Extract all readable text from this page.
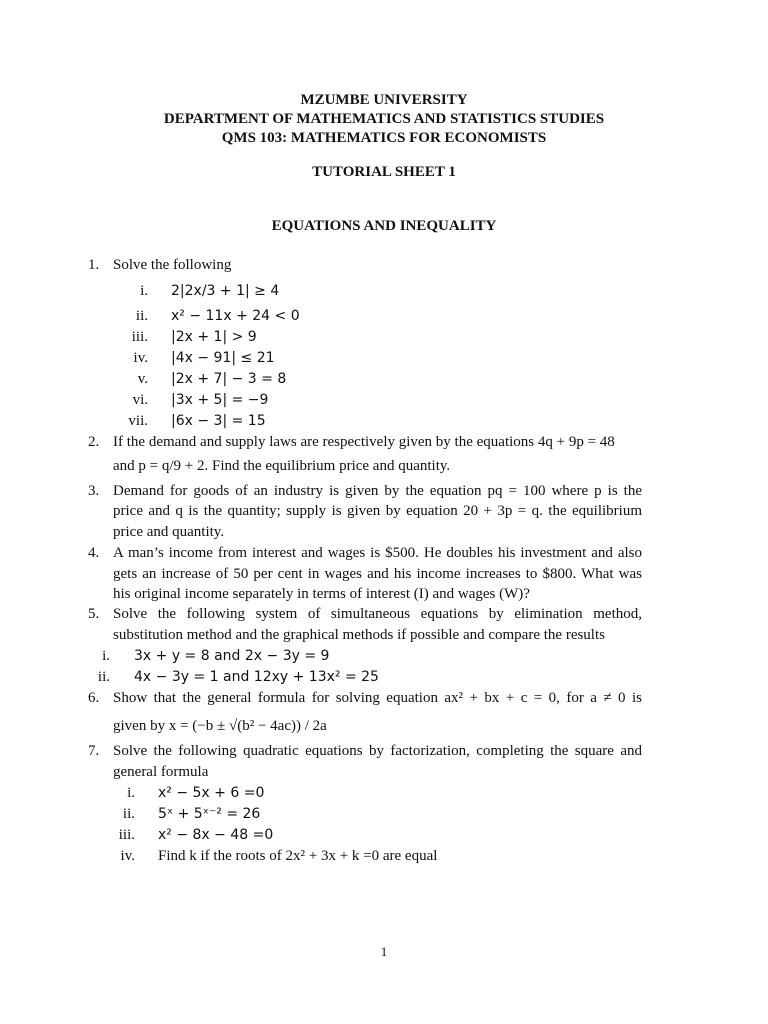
MZUMBE UNIVERSITY
DEPARTMENT OF MATHEMATICS AND STATISTICS STUDIES
QMS 103: MATHEMATICS FOR ECONOMISTS
TUTORIAL SHEET 1
EQUATIONS AND INEQUALITY
1. Solve the following
i. 2|2x/3 + 1| ≥ 4
ii. x² − 11x + 24 < 0
iii. |2x + 1| > 9
iv. |4x − 91| ≤ 21
v. |2x + 7| − 3 = 8
vi. |3x + 5| = −9
vii. |6x − 3| = 15
2. If the demand and supply laws are respectively given by the equations 4q + 9p = 48
and p = q/9 + 2. Find the equilibrium price and quantity.
3. Demand for goods of an industry is given by the equation pq = 100 where p is the
price and q is the quantity; supply is given by equation 20 + 3p = q. the equilibrium
price and quantity.
4. A man’s income from interest and wages is $500. He doubles his investment and also
gets an increase of 50 per cent in wages and his income increases to $800. What was
his original income separately in terms of interest (I) and wages (W)?
5. Solve the following system of simultaneous equations by elimination method,
substitution method and the graphical methods if possible and compare the results
i. 3x + y = 8 and 2x − 3y = 9
ii. 4x − 3y = 1 and 12xy + 13x² = 25
6. Show that the general formula for solving equation ax² + bx + c = 0, for a ≠ 0 is
given by x = (−b ± √(b² − 4ac)) / 2a
7. Solve the following quadratic equations by factorization, completing the square and
general formula
i. x² − 5x + 6 =0
ii. 5ˣ + 5ˣ⁻² = 26
iii. x² − 8x − 48 =0
iv. Find k if the roots of 2x² + 3x + k =0 are equal
1
